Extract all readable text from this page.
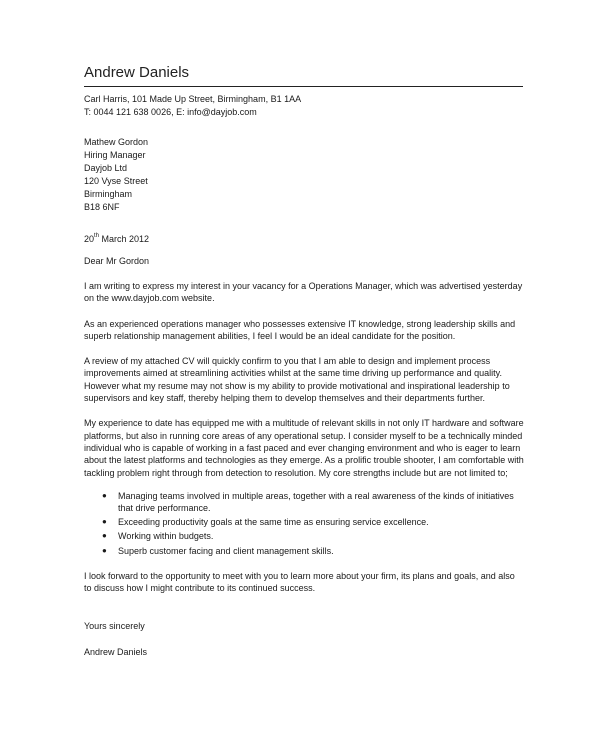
Andrew Daniels
Carl Harris, 101 Made Up Street, Birmingham, B1 1AA
T: 0044 121 638 0026, E: info@dayjob.com
Mathew Gordon
Hiring Manager
Dayjob Ltd
120 Vyse Street
Birmingham
B18 6NF
20th March 2012
Dear Mr Gordon

I am writing to express my interest in your vacancy for a Operations Manager, which was advertised yesterday on the www.dayjob.com website.

As an experienced operations manager who possesses extensive IT knowledge, strong leadership skills and superb relationship management abilities, I feel I would be an ideal candidate for the position.

A review of my attached CV will quickly confirm to you that I am able to design and implement process improvements aimed at streamlining activities whilst at the same time driving up performance and quality. However what my resume may not show is my ability to provide motivational and inspirational leadership to supervisors and key staff, thereby helping them to develop themselves and their departments further.

My experience to date has equipped me with a multitude of relevant skills in not only IT hardware and software platforms, but also in running core areas of any operational setup. I consider myself to be a technically minded individual who is capable of working in a fast paced and ever changing environment and who is eager to learn about the latest platforms and technologies as they emerge. As a prolific trouble shooter, I am comfortable with tackling problem right through from detection to resolution. My core strengths include but are not limited to;

● Managing teams involved in multiple areas, together with a real awareness of the kinds of initiatives that drive performance.
● Exceeding productivity goals at the same time as ensuring service excellence.
● Working within budgets.
● Superb customer facing and client management skills.

I look forward to the opportunity to meet with you to learn more about your firm, its plans and goals, and also to discuss how I might contribute to its continued success.

Yours sincerely
Andrew Daniels
